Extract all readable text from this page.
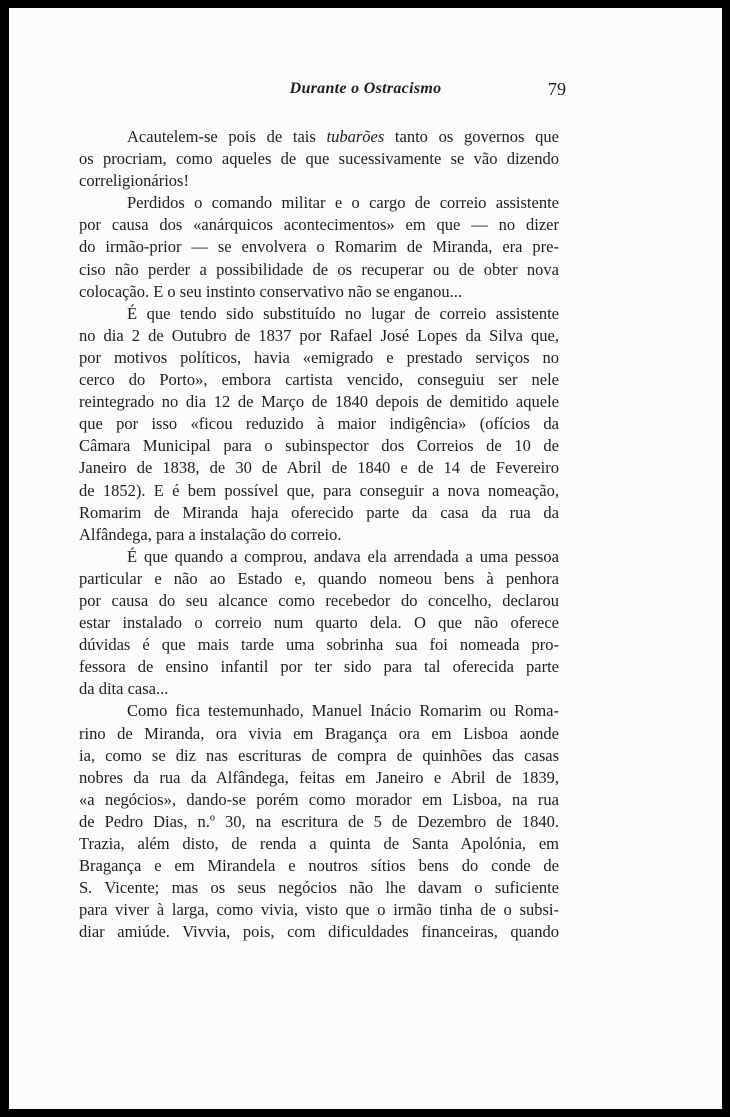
Durante o Ostracismo	79
Acautelem-se pois de tais tubarões tanto os governos que
os procriam, como aqueles de que sucessivamente se vão dizendo
correligionários!
Perdidos o comando militar e o cargo de correio assistente
por causa dos «anárquicos acontecimentos» em que — no dizer
do irmão-prior — se envolvera o Romarim de Miranda, era pre-
ciso não perder a possibilidade de os recuperar ou de obter nova
colocação. E o seu instinto conservativo não se enganou...
É que tendo sido substituído no lugar de correio assistente
no dia 2 de Outubro de 1837 por Rafael José Lopes da Silva que,
por motivos políticos, havia «emigrado e prestado serviços no
cerco do Porto», embora cartista vencido, conseguiu ser nele
reintegrado no dia 12 de Março de 1840 depois de demitido aquele
que por isso «ficou reduzido à maior indigência» (ofícios da
Câmara Municipal para o subinspector dos Correios de 10 de
Janeiro de 1838, de 30 de Abril de 1840 e de 14 de Fevereiro
de 1852). E é bem possível que, para conseguir a nova nomeação,
Romarim de Miranda haja oferecido parte da casa da rua da
Alfândega, para a instalação do correio.
É que quando a comprou, andava ela arrendada a uma pessoa
particular e não ao Estado e, quando nomeou bens à penhora
por causa do seu alcance como recebedor do concelho, declarou
estar instalado o correio num quarto dela. O que não oferece
dúvidas é que mais tarde uma sobrinha sua foi nomeada pro-
fessora de ensino infantil por ter sido para tal oferecida parte
da dita casa...
Como fica testemunhado, Manuel Inácio Romarim ou Roma-
rino de Miranda, ora vivia em Bragança ora em Lisboa aonde
ia, como se diz nas escrituras de compra de quinhões das casas
nobres da rua da Alfândega, feitas em Janeiro e Abril de 1839,
«a negócios», dando-se porém como morador em Lisboa, na rua
de Pedro Dias, n.º 30, na escritura de 5 de Dezembro de 1840.
Trazia, além disto, de renda a quinta de Santa Apolónia, em
Bragança e em Mirandela e noutros sítios bens do conde de
S. Vicente; mas os seus negócios não lhe davam o suficiente
para viver à larga, como vivia, visto que o irmão tinha de o subsi-
diar amiúde. Vivvia, pois, com dificuldades financeiras, quando
